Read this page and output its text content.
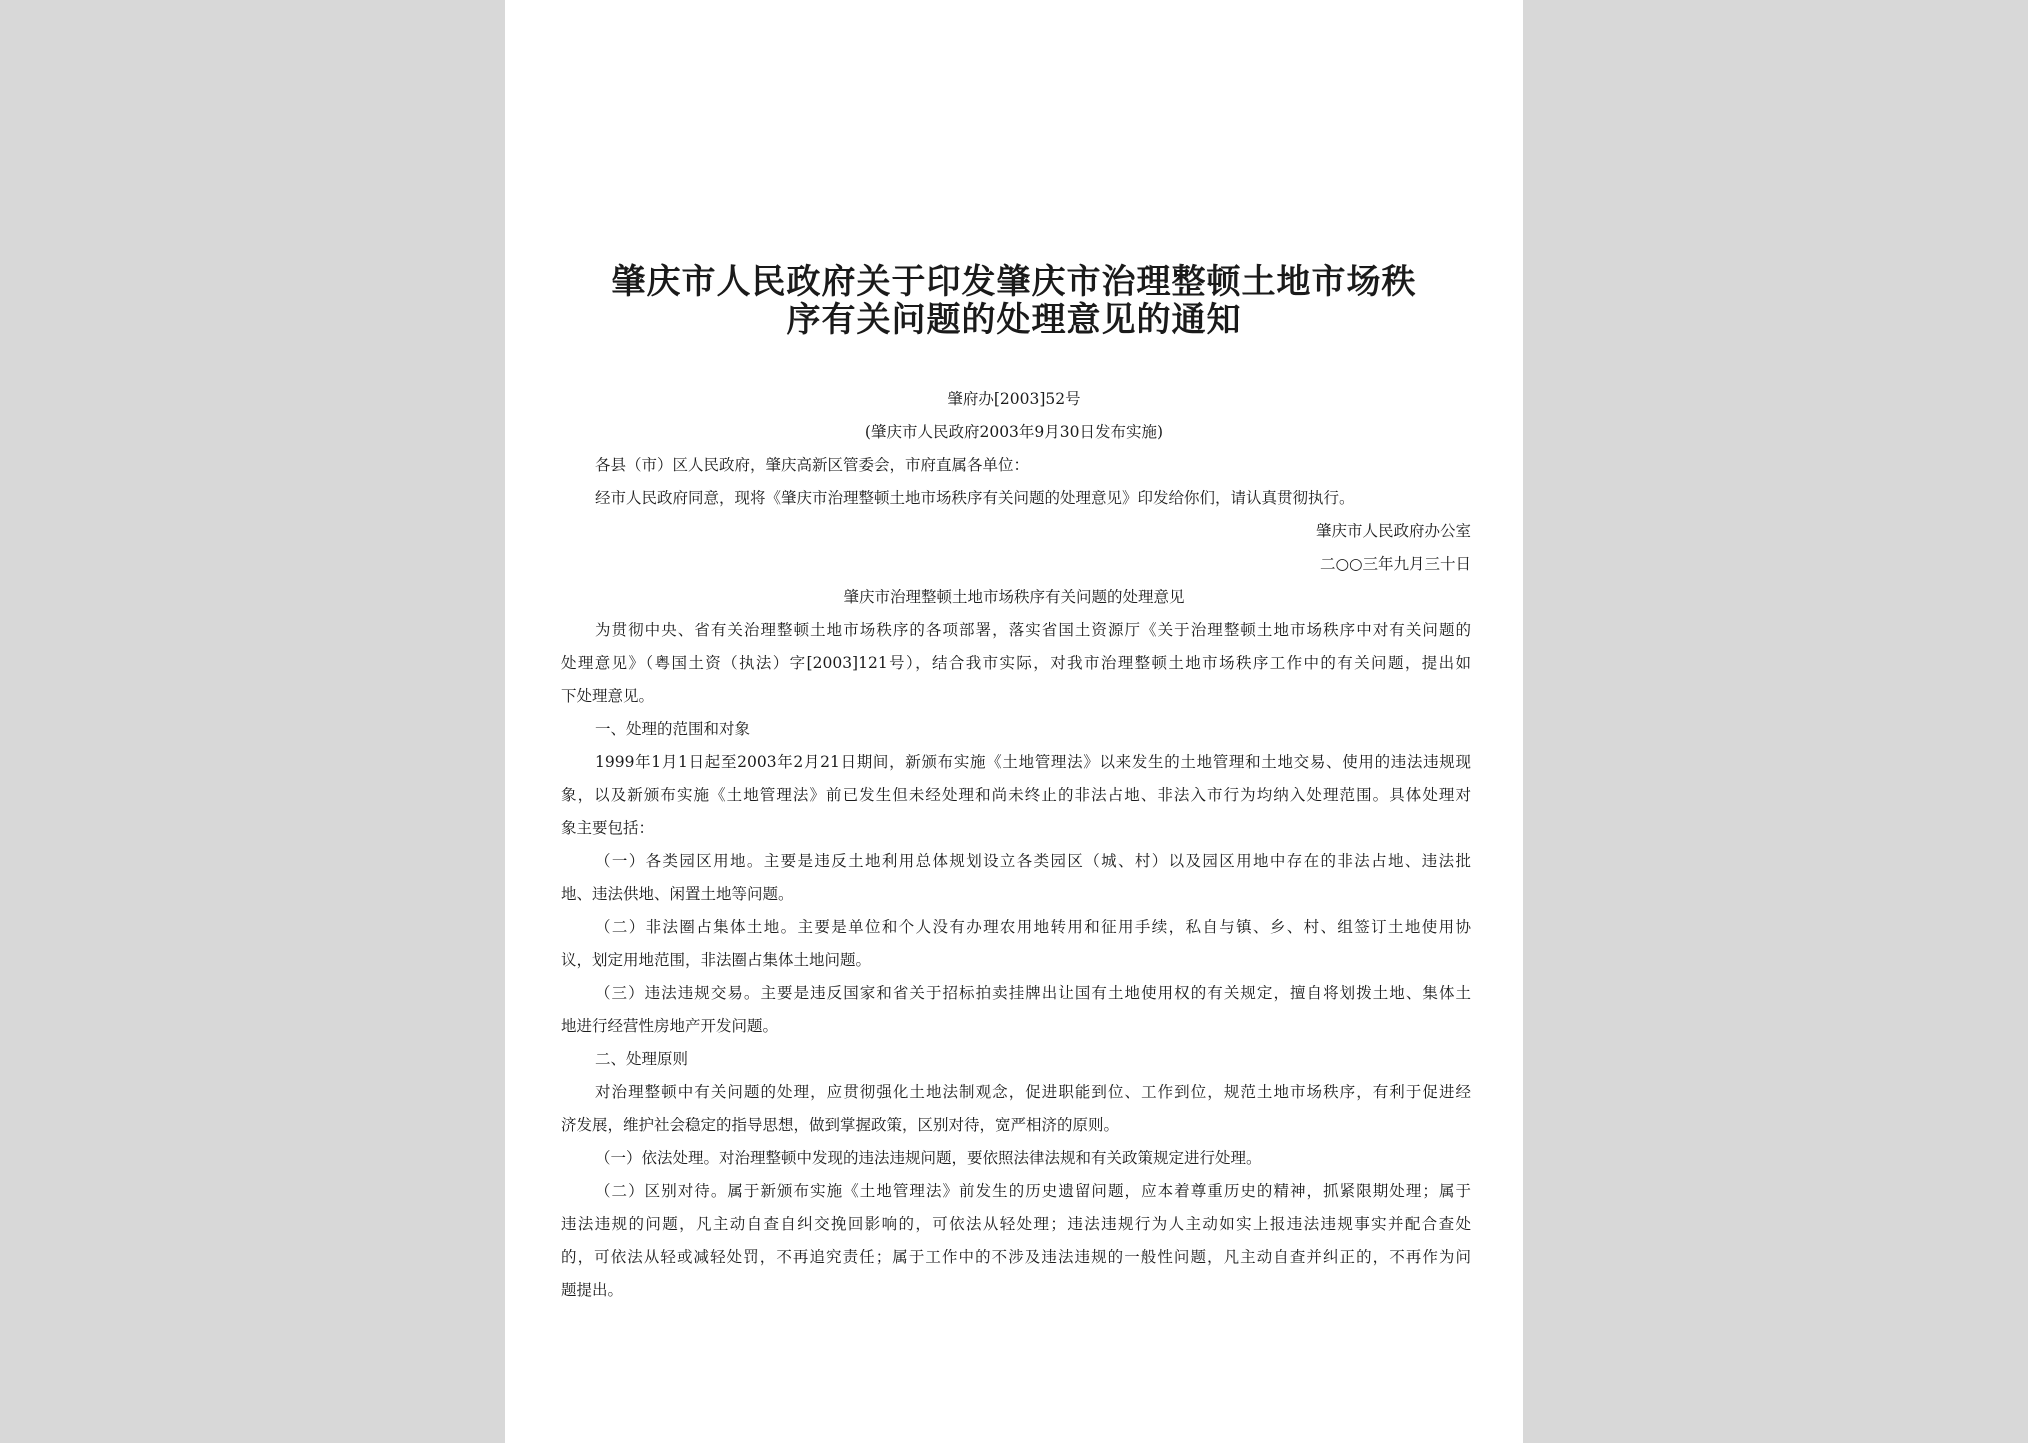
肇庆市人民政府关于印发肇庆市治理整顿土地市场秩
序有关问题的处理意见的通知
肇府办[2003]52号
(肇庆市人民政府2003年9月30日发布实施)
各县（市）区人民政府，肇庆高新区管委会，市府直属各单位：
经市人民政府同意，现将《肇庆市治理整顿土地市场秩序有关问题的处理意见》印发给你们，请认真贯彻执行。
肇庆市人民政府办公室
二○○三年九月三十日
肇庆市治理整顿土地市场秩序有关问题的处理意见
为贯彻中央、省有关治理整顿土地市场秩序的各项部署，落实省国土资源厅《关于治理整顿土地市场秩序中对有关问题的
处理意见》（粤国土资（执法）字[2003]121号），结合我市实际，对我市治理整顿土地市场秩序工作中的有关问题，提出如
下处理意见。
一、处理的范围和对象
1999年1月1日起至2003年2月21日期间，新颁布实施《土地管理法》以来发生的土地管理和土地交易、使用的违法违规现
象，以及新颁布实施《土地管理法》前已发生但未经处理和尚未终止的非法占地、非法入市行为均纳入处理范围。具体处理对
象主要包括：
（一）各类园区用地。主要是违反土地利用总体规划设立各类园区（城、村）以及园区用地中存在的非法占地、违法批
地、违法供地、闲置土地等问题。
（二）非法圈占集体土地。主要是单位和个人没有办理农用地转用和征用手续，私自与镇、乡、村、组签订土地使用协
议，划定用地范围，非法圈占集体土地问题。
（三）违法违规交易。主要是违反国家和省关于招标拍卖挂牌出让国有土地使用权的有关规定，擅自将划拨土地、集体土
地进行经营性房地产开发问题。
二、处理原则
对治理整顿中有关问题的处理，应贯彻强化土地法制观念，促进职能到位、工作到位，规范土地市场秩序，有利于促进经
济发展，维护社会稳定的指导思想，做到掌握政策，区别对待，宽严相济的原则。
（一）依法处理。对治理整顿中发现的违法违规问题，要依照法律法规和有关政策规定进行处理。
（二）区别对待。属于新颁布实施《土地管理法》前发生的历史遗留问题，应本着尊重历史的精神，抓紧限期处理；属于
违法违规的问题，凡主动自查自纠交挽回影响的，可依法从轻处理；违法违规行为人主动如实上报违法违规事实并配合查处
的，可依法从轻或减轻处罚，不再追究责任；属于工作中的不涉及违法违规的一般性问题，凡主动自查并纠正的，不再作为问
题提出。
